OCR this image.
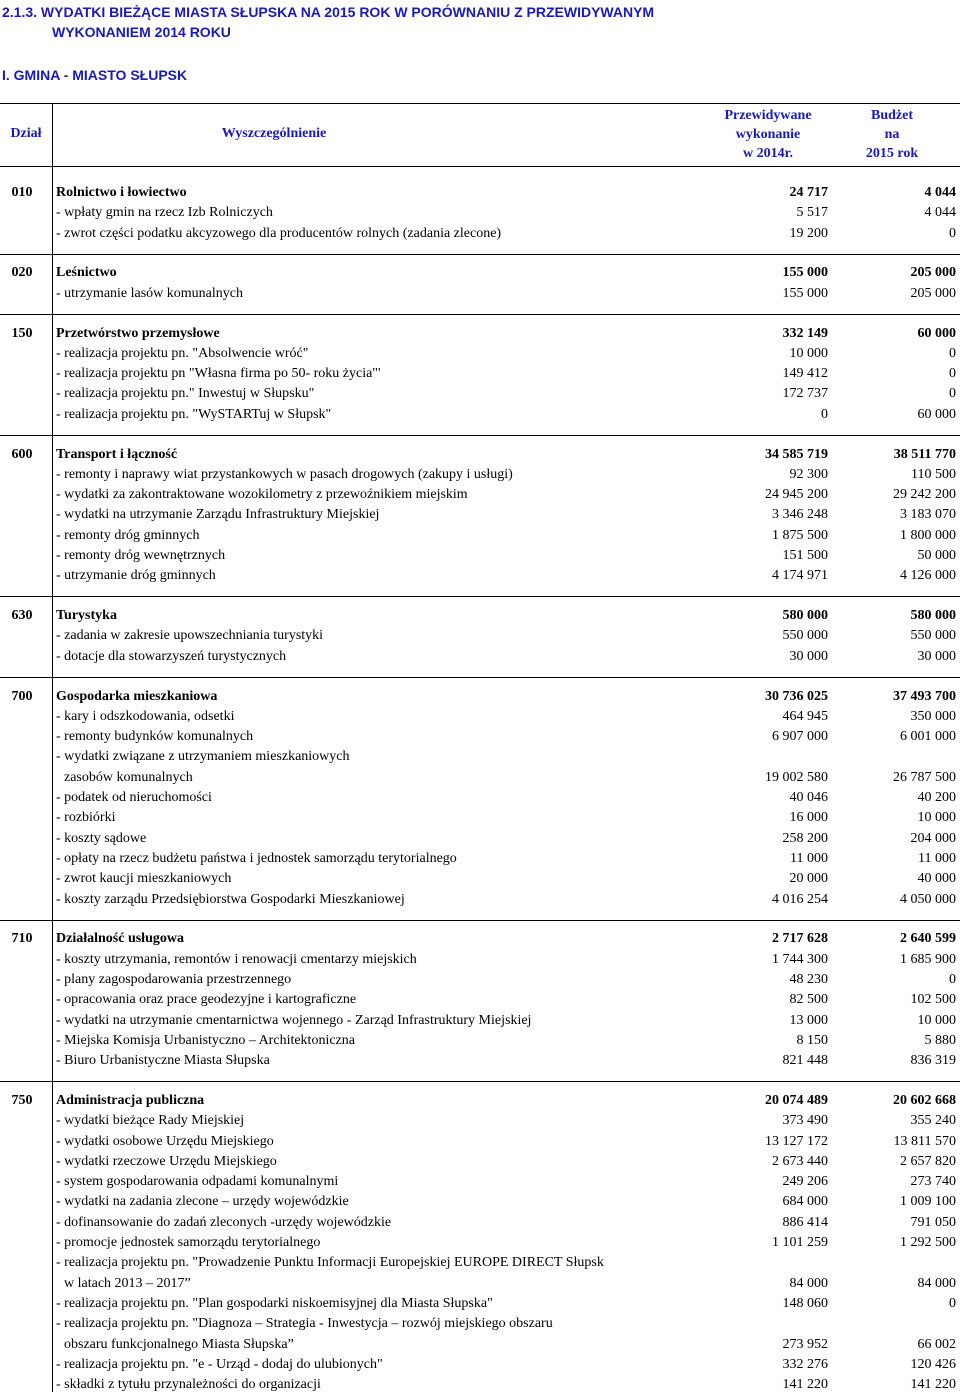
2.1.3. WYDATKI BIEŻĄCE MIASTA SŁUPSKA NA 2015 ROK W PORÓWNANIU Z PRZEWIDYWANYM
WYKONANIEM 2014 ROKU
I. GMINA - MIASTO SŁUPSK
Dział	Wyszczególnienie
Przewidywane
wykonanie
w 2014r.
Budżet
na
2015 rok
010	Rolnictwo i łowiectwo	24 717	4 044
- wpłaty gmin na rzecz Izb Rolniczych	5 517	4 044
- zwrot części podatku akcyzowego dla producentów rolnych (zadania zlecone)	19 200	0
020	Leśnictwo	155 000	205 000
- utrzymanie lasów komunalnych	155 000	205 000
150	Przetwórstwo przemysłowe	332 149	60 000
- realizacja projektu pn. "Absolwencie wróć"	10 000	0
- realizacja projektu pn "Własna firma po 50- roku życia"'	149 412	0
- realizacja projektu pn." Inwestuj w Słupsku"	172 737	0
- realizacja projektu pn. "WySTARTuj w Słupsk"	0	60 000
600	Transport i łączność	34 585 719	38 511 770
- remonty i naprawy wiat przystankowych w pasach drogowych (zakupy i usługi)	92 300	110 500
- wydatki za zakontraktowane wozokilometry z przewoźnikiem miejskim	24 945 200	29 242 200
- wydatki na utrzymanie Zarządu Infrastruktury Miejskiej	3 346 248	3 183 070
- remonty dróg gminnych	1 875 500	1 800 000
- remonty dróg wewnętrznych	151 500	50 000
- utrzymanie dróg gminnych	4 174 971	4 126 000
630	Turystyka	580 000	580 000
- zadania w zakresie upowszechniania turystyki	550 000	550 000
- dotacje dla stowarzyszeń turystycznych	30 000	30 000
700	Gospodarka mieszkaniowa	30 736 025	37 493 700
- kary i odszkodowania, odsetki	464 945	350 000
- remonty budynków komunalnych	6 907 000	6 001 000
- wydatki związane z utrzymaniem mieszkaniowych
zasobów komunalnych	19 002 580	26 787 500
- podatek od nieruchomości	40 046	40 200
- rozbiórki	16 000	10 000
- koszty sądowe	258 200	204 000
- opłaty na rzecz budżetu państwa i jednostek samorządu terytorialnego	11 000	11 000
- zwrot kaucji mieszkaniowych	20 000	40 000
- koszty zarządu Przedsiębiorstwa Gospodarki Mieszkaniowej	4 016 254	4 050 000
710	Działalność usługowa	2 717 628	2 640 599
- koszty utrzymania, remontów i renowacji cmentarzy miejskich	1 744 300	1 685 900
- plany zagospodarowania przestrzennego	48 230	0
- opracowania oraz prace geodezyjne i kartograficzne	82 500	102 500
- wydatki na utrzymanie cmentarnictwa wojennego - Zarząd Infrastruktury Miejskiej	13 000	10 000
- Miejska Komisja Urbanistyczno – Architektoniczna	8 150	5 880
- Biuro Urbanistyczne Miasta Słupska	821 448	836 319
750	Administracja publiczna	20 074 489	20 602 668
- wydatki bieżące Rady Miejskiej	373 490	355 240
- wydatki osobowe Urzędu Miejskiego	13 127 172	13 811 570
- wydatki rzeczowe Urzędu Miejskiego	2 673 440	2 657 820
- system gospodarowania odpadami komunalnymi	249 206	273 740
- wydatki na zadania zlecone – urzędy wojewódzkie	684 000	1 009 100
- dofinansowanie do zadań zleconych -urzędy wojewódzkie	886 414	791 050
- promocje jednostek samorządu terytorialnego	1 101 259	1 292 500
- realizacja projektu pn. "Prowadzenie Punktu Informacji Europejskiej EUROPE DIRECT Słupsk
w latach 2013 – 2017”	84 000	84 000
- realizacja projektu pn. "Plan gospodarki niskoemisyjnej dla Miasta Słupska"	148 060	0
- realizacja projektu pn. "Diagnoza – Strategia - Inwestycja – rozwój miejskiego obszaru
obszaru funkcjonalnego Miasta Słupska”	273 952	66 002
- realizacja projektu pn. "e - Urząd - dodaj do ulubionych"	332 276	120 426
- składki z tytułu przynależności do organizacji	141 220	141 220
